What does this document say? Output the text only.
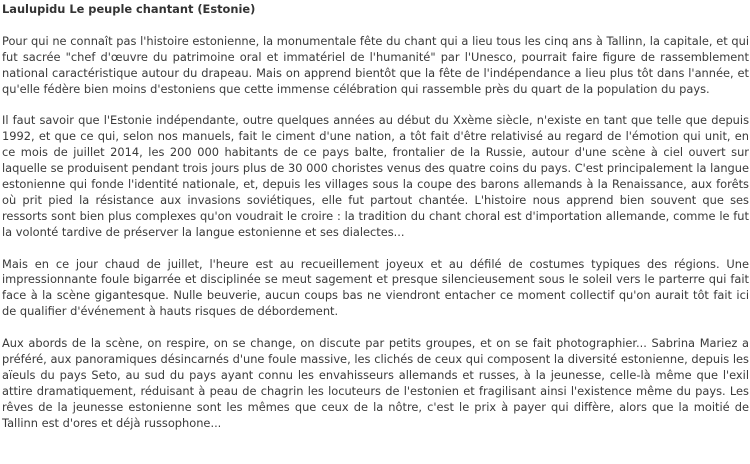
Laulupidu Le peuple chantant (Estonie)

Pour qui ne connaît pas l'histoire estonienne, la monumentale fête du chant qui a lieu tous les cinq ans à Tallinn, la capitale, et qui fut sacrée "chef d'œuvre du patrimoine oral et immatériel de l'humanité" par l'Unesco, pourrait faire figure de rassemblement national caractéristique autour du drapeau. Mais on apprend bientôt que la fête de l'indépendance a lieu plus tôt dans l'année, et qu'elle fédère bien moins d'estoniens que cette immense célébration qui rassemble près du quart de la population du pays.

Il faut savoir que l'Estonie indépendante, outre quelques années au début du Xxème siècle, n'existe en tant que telle que depuis 1992, et que ce qui, selon nos manuels, fait le ciment d'une nation, a tôt fait d'être relativisé au regard de l'émotion qui unit, en ce mois de juillet 2014, les 200 000 habitants de ce pays balte, frontalier de la Russie, autour d'une scène à ciel ouvert sur laquelle se produisent pendant trois jours plus de 30 000 choristes venus des quatre coins du pays. C'est principalement la langue estonienne qui fonde l'identité nationale, et, depuis les villages sous la coupe des barons allemands à la Renaissance, aux forêts où prit pied la résistance aux invasions soviétiques, elle fut partout chantée. L'histoire nous apprend bien souvent que ses ressorts sont bien plus complexes qu'on voudrait le croire : la tradition du chant choral est d'importation allemande, comme le fut la volonté tardive de préserver la langue estonienne et ses dialectes...

Mais en ce jour chaud de juillet, l'heure est au recueillement joyeux et au défilé de costumes typiques des régions. Une impressionnante foule bigarrée et disciplinée se meut sagement et presque silencieusement sous le soleil vers le parterre qui fait face à la scène gigantesque. Nulle beuverie, aucun coups bas ne viendront entacher ce moment collectif qu'on aurait tôt fait ici de qualifier d'événement à hauts risques de débordement.

Aux abords de la scène, on respire, on se change, on discute par petits groupes, et on se fait photographier... Sabrina Mariez a préféré, aux panoramiques désincarnés d'une foule massive, les clichés de ceux qui composent la diversité estonienne, depuis les aïeuls du pays Seto, au sud du pays ayant connu les envahisseurs allemands et russes, à la jeunesse, celle-là même que l'exil attire dramatiquement, réduisant à peau de chagrin les locuteurs de l'estonien et fragilisant ainsi l'existence même du pays. Les rêves de la jeunesse estonienne sont les mêmes que ceux de la nôtre, c'est le prix à payer qui diffère, alors que la moitié de Tallinn est d'ores et déjà russophone...
